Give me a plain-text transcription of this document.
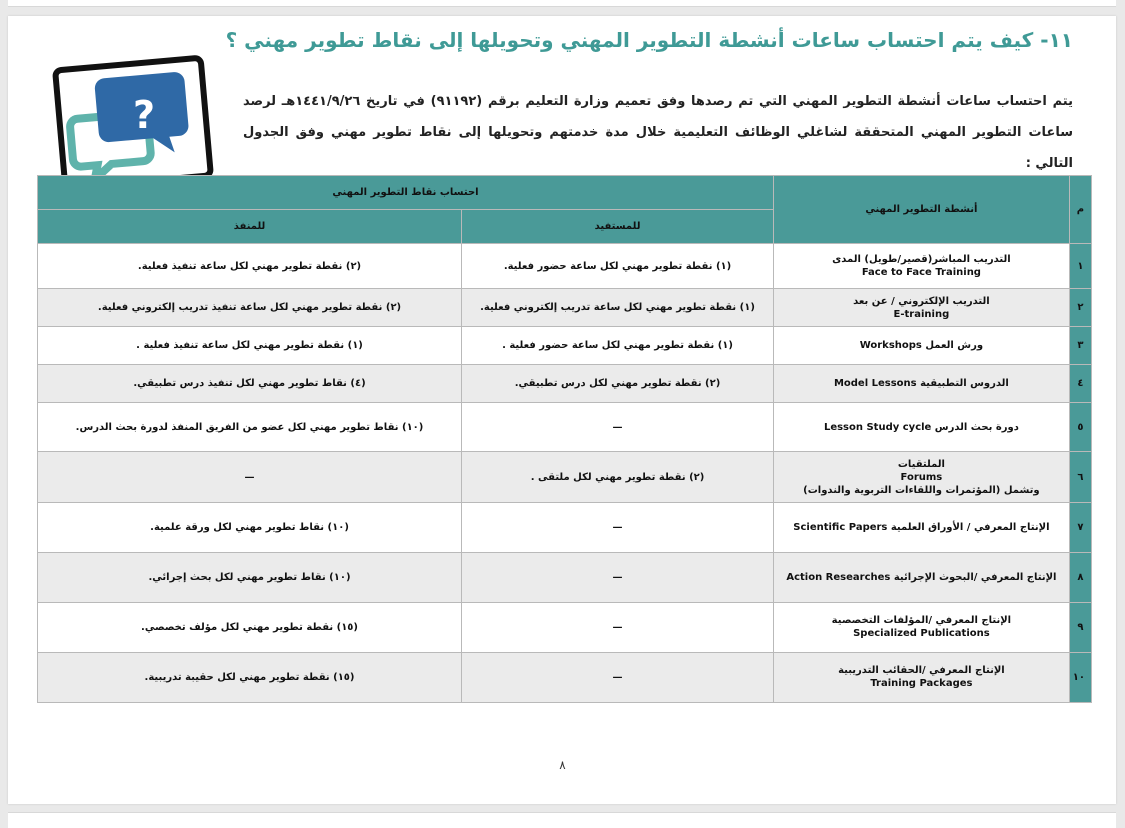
١١- كيف يتم احتساب ساعات أنشطة التطوير المهني وتحويلها إلى نقاط تطوير مهني ؟
?	يتم احتساب ساعات أنشطة التطوير المهني التي تم رصدها وفق تعميم وزارة التعليم برقم (٩١١٩٢) في تاريخ ١٤٤١/٩/٢٦هـ لرصد ساعات التطوير المهني المتحققة لشاغلي الوظائف التعليمية خلال مدة خدمتهم وتحويلها إلى نقاط تطوير مهني وفق الجدول التالي :
م	أنشطة التطوير المهني	احتساب نقاط التطوير المهني	
		للمستفيد	للمنفذ
١	التدريب المباشر(قصير/طويل) المدى
Face to Face Training	(١) نقطة تطوير مهني لكل ساعة حضور فعلية.	(٢) نقطة تطوير مهني لكل ساعة تنفيذ فعلية.
٢	التدريب الإلكتروني / عن بعد
E-training	(١) نقطة تطوير مهني لكل ساعة تدريب إلكتروني فعلية.	(٢) نقطة تطوير مهني لكل ساعة تنفيذ تدريب إلكتروني فعلية.
٣	ورش العمل Workshops	(١) نقطة تطوير مهني لكل ساعة حضور فعلية .	(١) نقطة تطوير مهني لكل ساعة تنفيذ فعلية .
٤	الدروس التطبيقية Model Lessons	(٢) نقطة تطوير مهني لكل درس تطبيقي.	(٤) نقاط تطوير مهني لكل تنفيذ درس تطبيقي.
٥	دورة بحث الدرس Lesson Study cycle	—	(١٠) نقاط تطوير مهني لكل عضو من الفريق المنفذ لدورة بحث الدرس.
٦	الملتقيات
Forums
وتشمل (المؤتمرات واللقاءات التربوية والندوات)	(٢) نقطة تطوير مهني لكل ملتقى .	—
٧	الإنتاج المعرفي / الأوراق العلمية Scientific Papers	—	(١٠) نقاط تطوير مهني لكل ورقة علمية.
٨	الإنتاج المعرفي /البحوث الإجرائية Action Researches	—	(١٠) نقاط تطوير مهني لكل بحث إجرائي.
٩	الإنتاج المعرفي /المؤلفات التخصصية
Specialized Publications	—	(١٥) نقطة تطوير مهني لكل مؤلف تخصصي.
١٠	الإنتاج المعرفي /الحقائب التدريبية
Training Packages	—	(١٥) نقطة تطوير مهني لكل حقيبة تدريبية.
٨
